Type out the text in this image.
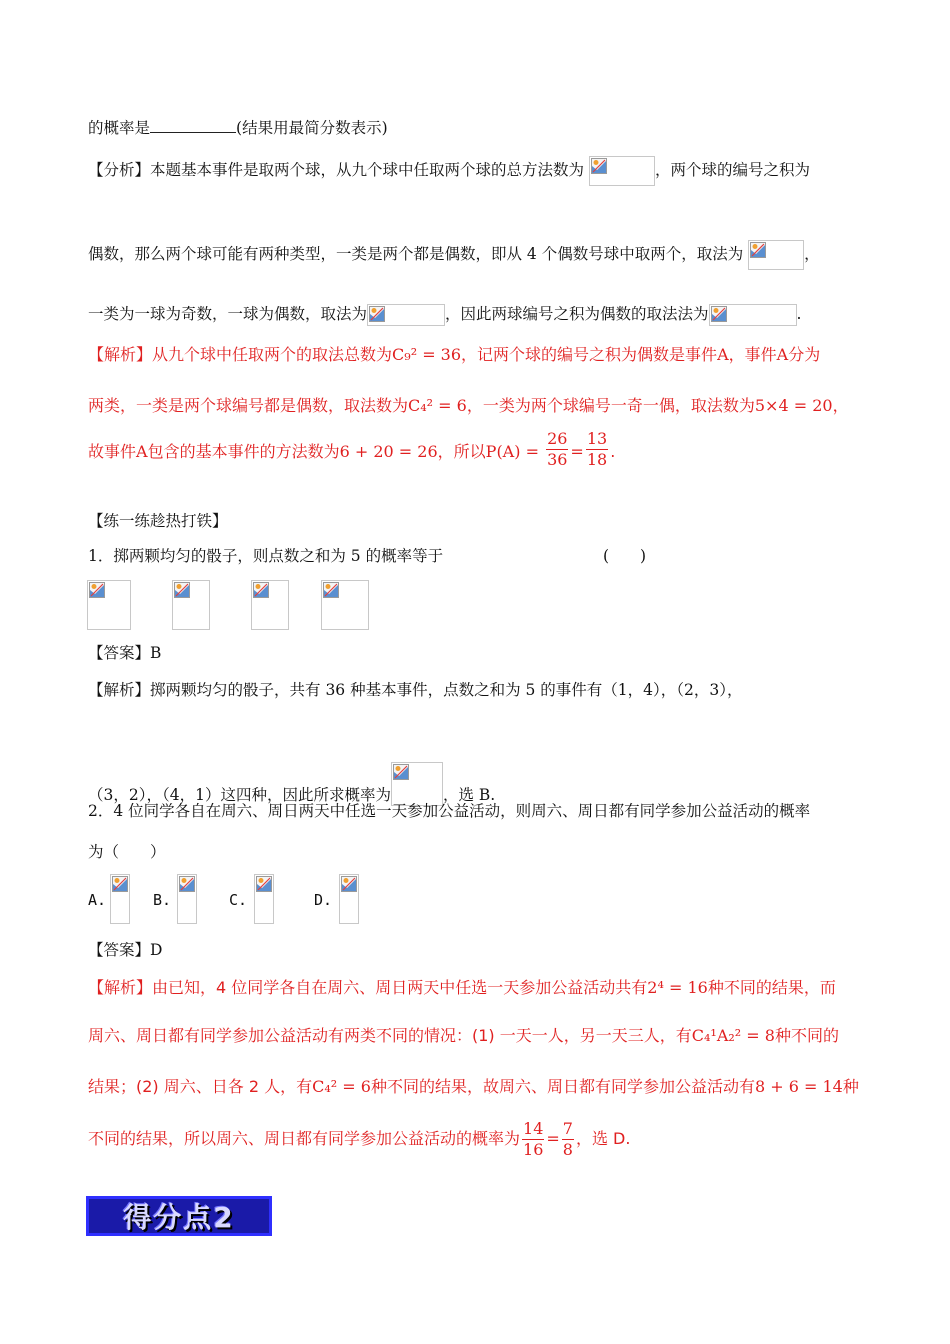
的概率是	(结果用最简分数表示)
【分析】本题基本事件是取两个球，从九个球中任取两个球的总方法数为	，两个球的编号之积为
偶数，那么两个球可能有两种类型，一类是两个都是偶数，即从 4 个偶数号球中取两个，取法为	，
一类为一球为奇数，一球为偶数，取法为	，因此两球编号之积为偶数的取法法为	.
【解析】从九个球中任取两个的取法总数为C₉² = 36，记两个球的编号之积为偶数是事件A，事件A分为
两类，一类是两个球编号都是偶数，取法数为C₄² = 6，一类为两个球编号一奇一偶，取法数为5×4 = 20，
故事件A包含的基本事件的方法数为6 + 20 = 26，所以$P(A) = \frac{26}{36} = \frac{13}{18}$ .
【练一练趁热打铁】
1．掷两颗均匀的骰子，则点数之和为 5 的概率等于	(　　)
【答案】B
【解析】掷两颗均匀的骰子，共有 36 种基本事件，点数之和为 5 的事件有（1，4），（2，3），
（3，2），（4，1）这四种，因此所求概率为	，选 B.
2．4 位同学各自在周六、周日两天中任选一天参加公益活动，则周六、周日都有同学参加公益活动的概率
为（　　）
A.	B.	C.	D.
【答案】D
【解析】由已知，4 位同学各自在周六、周日两天中任选一天参加公益活动共有2⁴ = 16种不同的结果，而
周六、周日都有同学参加公益活动有两类不同的情况：(1) 一天一人，另一天三人，有C₄¹A₂² = 8种不同的
结果；(2) 周六、日各 2 人，有C₄² = 6种不同的结果，故周六、周日都有同学参加公益活动有8 + 6 = 14种
不同的结果，所以周六、周日都有同学参加公益活动的概率为 $\frac{14}{16} = \frac{7}{8}$ ，选 D.
得分点2
